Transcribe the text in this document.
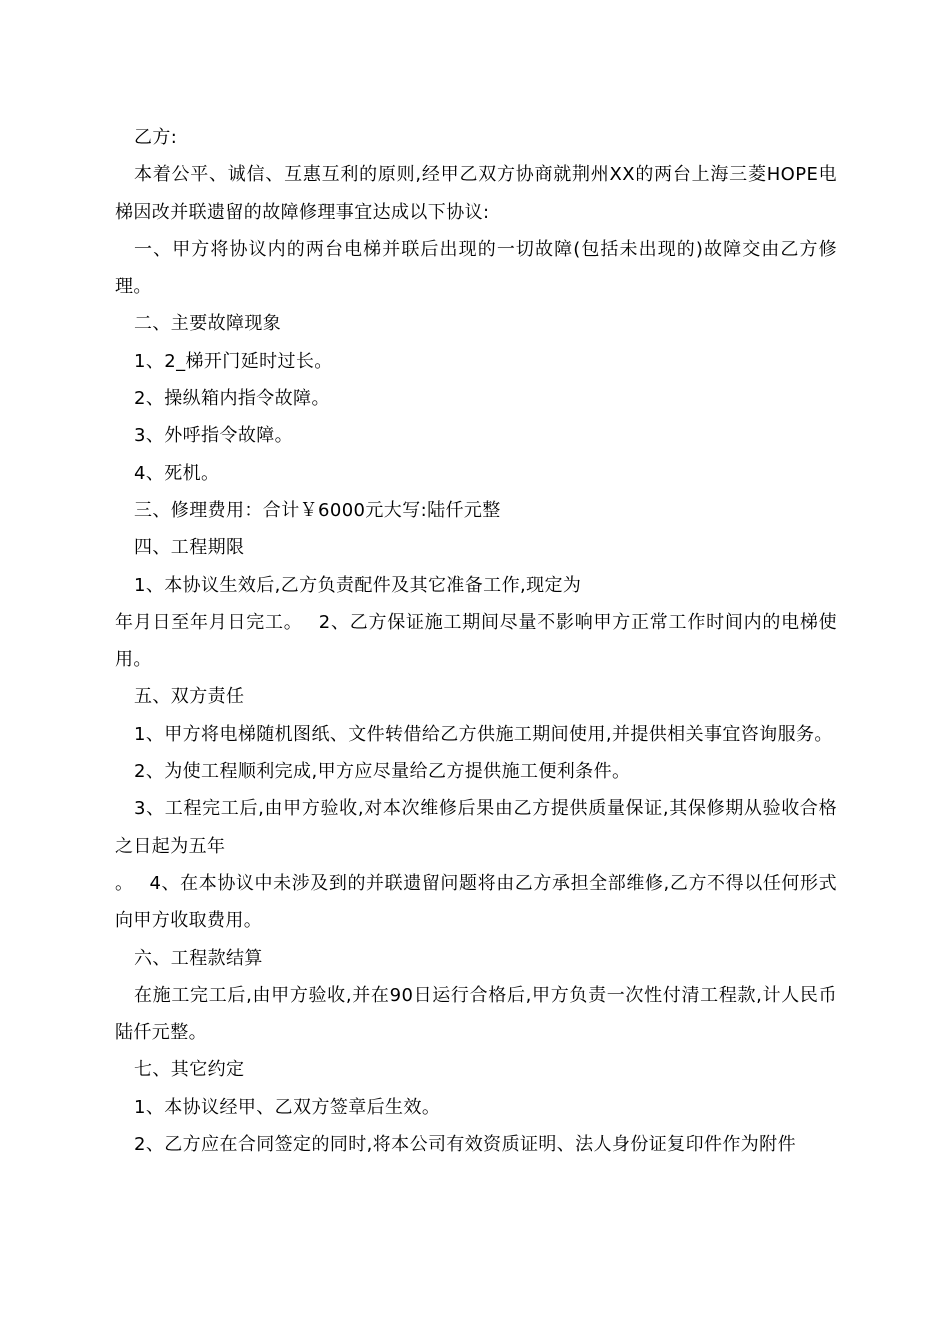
乙方:

本着公平、诚信、互惠互利的原则,经甲乙双方协商就荆州XX的两台上海三菱HOPE电梯因改并联遗留的故障修理事宜达成以下协议:

一、甲方将协议内的两台电梯并联后出现的一切故障(包括未出现的)故障交由乙方修理。

二、主要故障现象

1、2_梯开门延时过长。

2、操纵箱内指令故障。

3、外呼指令故障。

4、死机。

三、修理费用：合计￥6000元大写:陆仟元整

四、工程期限

1、本协议生效后,乙方负责配件及其它准备工作,现定为

年月日至年月日完工。　 2、乙方保证施工期间尽量不影响甲方正常工作时间内的电梯使用。

五、双方责任

1、甲方将电梯随机图纸、文件转借给乙方供施工期间使用,并提供相关事宜咨询服务。

2、为使工程顺利完成,甲方应尽量给乙方提供施工便利条件。

3、工程完工后,由甲方验收,对本次维修后果由乙方提供质量保证,其保修期从验收合格之日起为五年

。　 4、在本协议中未涉及到的并联遗留问题将由乙方承担全部维修,乙方不得以任何形式向甲方收取费用。

六、工程款结算

在施工完工后,由甲方验收,并在90日运行合格后,甲方负责一次性付清工程款,计人民币陆仟元整。

七、其它约定

1、本协议经甲、乙双方签章后生效。

2、乙方应在合同签定的同时,将本公司有效资质证明、法人身份证复印件作为附件
